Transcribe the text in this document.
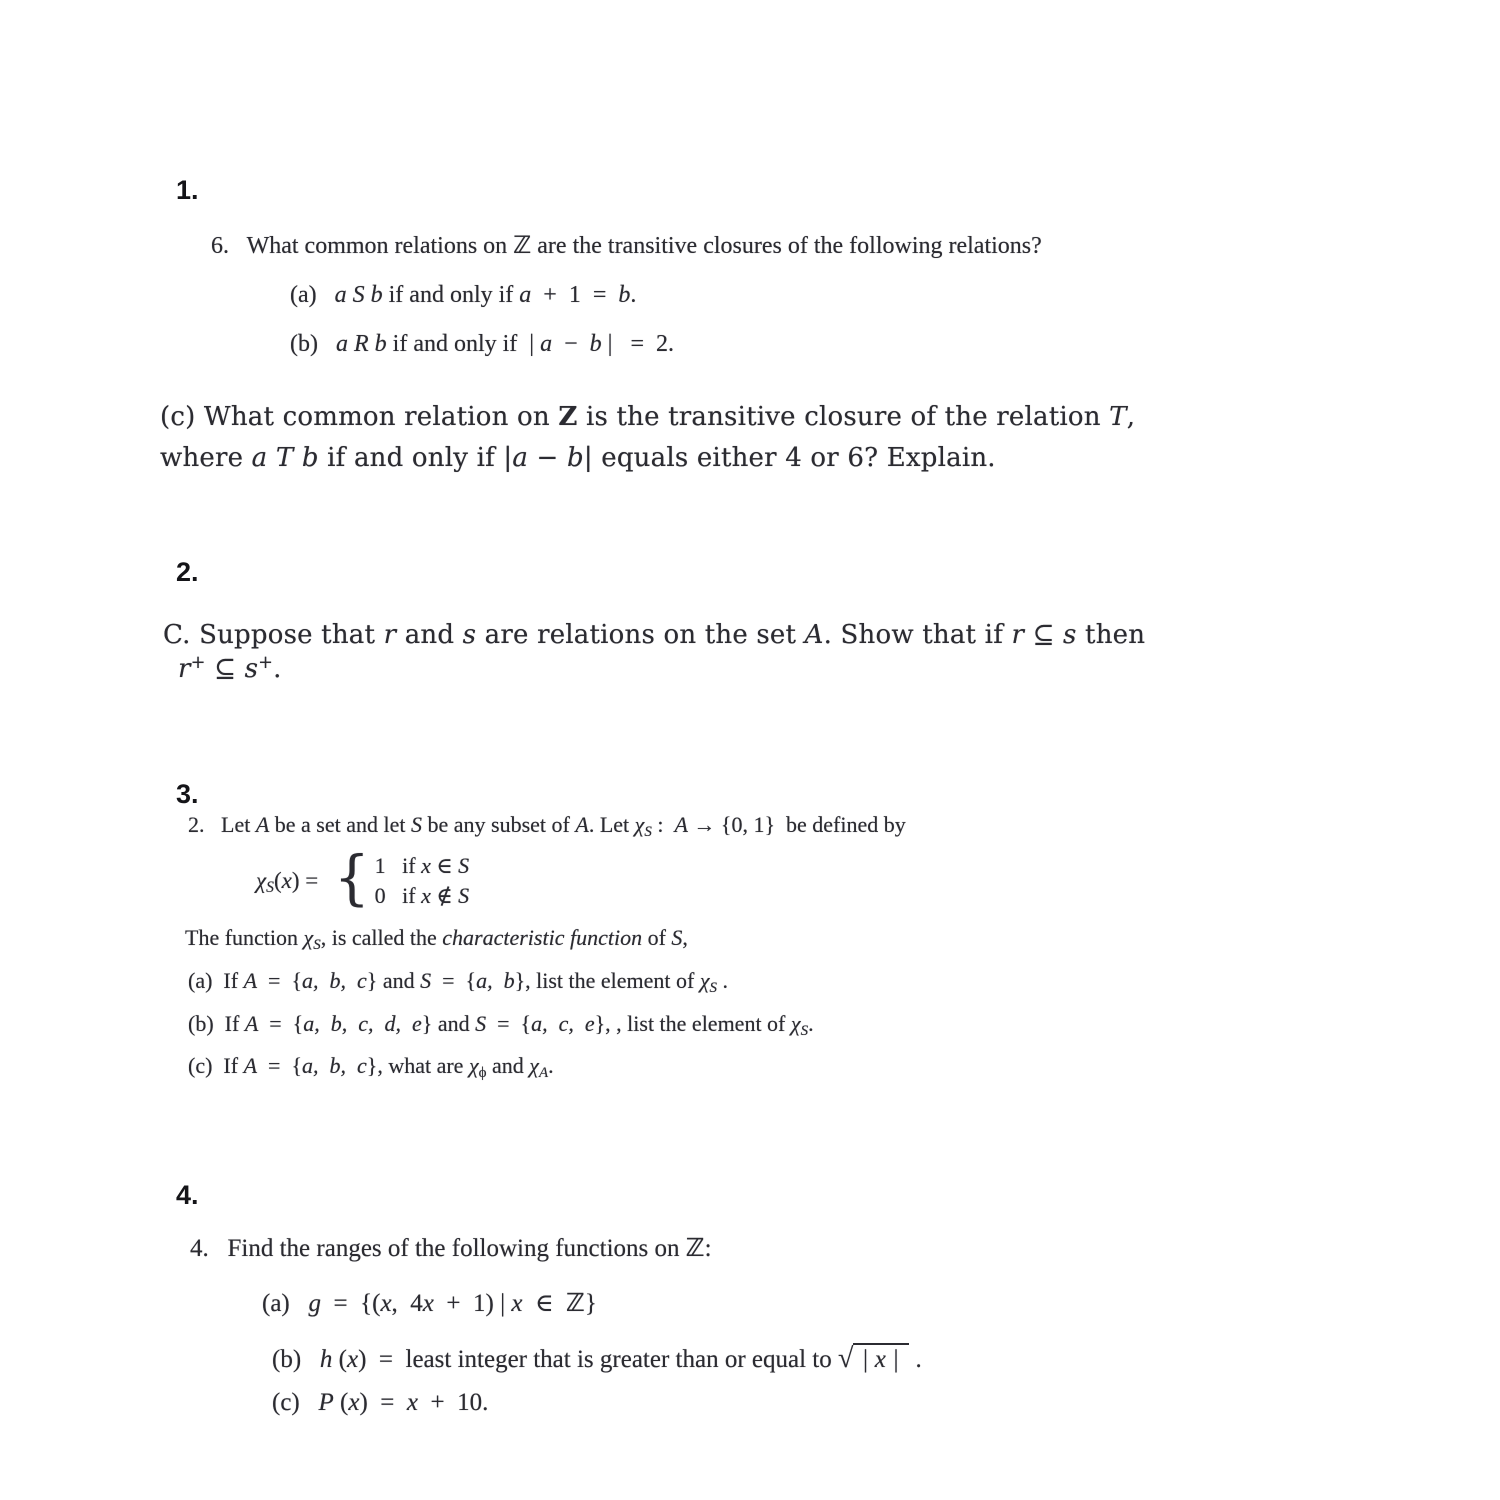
1.
6.   What common relations on ℤ are the transitive closures of the following relations?
(a)   a S b if and only if a  +  1  =  b.
(b)   a R b if and only if  | a  −  b |   =  2.
(c) What common relation on Z is the transitive closure of the relation T,
where a T b if and only if |a − b| equals either 4 or 6? Explain.
2.
C. Suppose that r and s are relations on the set A. Show that if r ⊆ s then
r+ ⊆ s+.
3.
2.   Let A be a set and let S be any subset of A. Let χS :  A → {0, 1}  be defined by
χS(x) = { 1   if x ∈ S
0   if x ∉ S
The function χS, is called the characteristic function of S,
(a)  If A  =  {a,  b,  c} and S  =  {a,  b}, list the element of χS .
(b)  If A  =  {a,  b,  c,  d,  e} and S  =  {a,  c,  e}, , list the element of χS.
(c)  If A  =  {a,  b,  c}, what are χϕ and χA.
4.
4.   Find the ranges of the following functions on ℤ:
(a)   g  =  {(x,  4x  +  1) | x  ∈  ℤ}
(b)   h (x)  =  least integer that is greater than or equal to √ | x |  .
(c)   P (x)  =  x  +  10.
